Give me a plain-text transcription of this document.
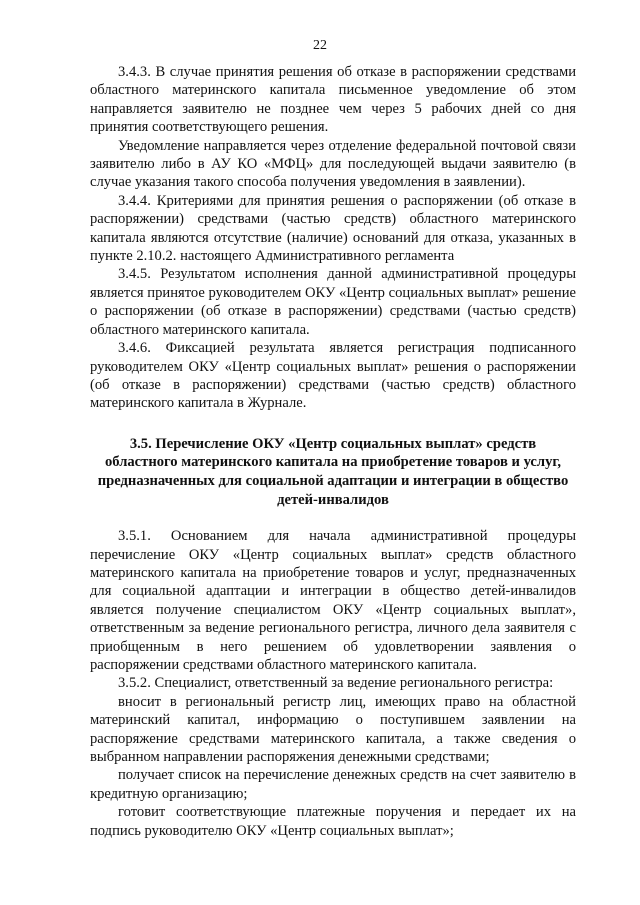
22

3.4.3. В случае принятия решения об отказе в распоряжении средствами областного материнского капитала письменное уведомление об этом направляется заявителю не позднее чем через 5 рабочих дней со дня принятия соответствующего решения.

Уведомление направляется через отделение федеральной почтовой связи заявителю либо в АУ КО «МФЦ» для последующей выдачи заявителю (в случае указания такого способа получения уведомления в заявлении).

3.4.4. Критериями для принятия решения о распоряжении (об отказе в распоряжении) средствами (частью средств) областного материнского капитала являются отсутствие (наличие) оснований для отказа, указанных в пункте 2.10.2. настоящего Административного регламента

3.4.5. Результатом исполнения данной административной процедуры является принятое руководителем ОКУ «Центр социальных выплат» решение о распоряжении (об отказе в распоряжении) средствами (частью средств) областного материнского капитала.

3.4.6. Фиксацией результата является регистрация подписанного руководителем ОКУ «Центр социальных выплат» решения о распоряжении (об отказе в распоряжении) средствами (частью средств) областного материнского капитала в Журнале.

3.5. Перечисление ОКУ «Центр социальных выплат» средств областного материнского капитала на приобретение товаров и услуг, предназначенных для социальной адаптации и интеграции в общество детей-инвалидов

3.5.1. Основанием для начала административной процедуры перечисление ОКУ «Центр социальных выплат» средств областного материнского капитала на приобретение товаров и услуг, предназначенных для социальной адаптации и интеграции в общество детей-инвалидов является получение специалистом ОКУ «Центр социальных выплат», ответственным за ведение регионального регистра, личного дела заявителя с приобщенным в него решением об удовлетворении заявления о распоряжении средствами областного материнского капитала.

3.5.2. Специалист, ответственный за ведение регионального регистра:

вносит в региональный регистр лиц, имеющих право на областной материнский капитал, информацию о поступившем заявлении на распоряжение средствами материнского капитала, а также сведения о выбранном направлении распоряжения денежными средствами;

получает список на перечисление денежных средств на счет заявителю в кредитную организацию;

готовит соответствующие платежные поручения и передает их на подпись руководителю ОКУ «Центр социальных выплат»;
